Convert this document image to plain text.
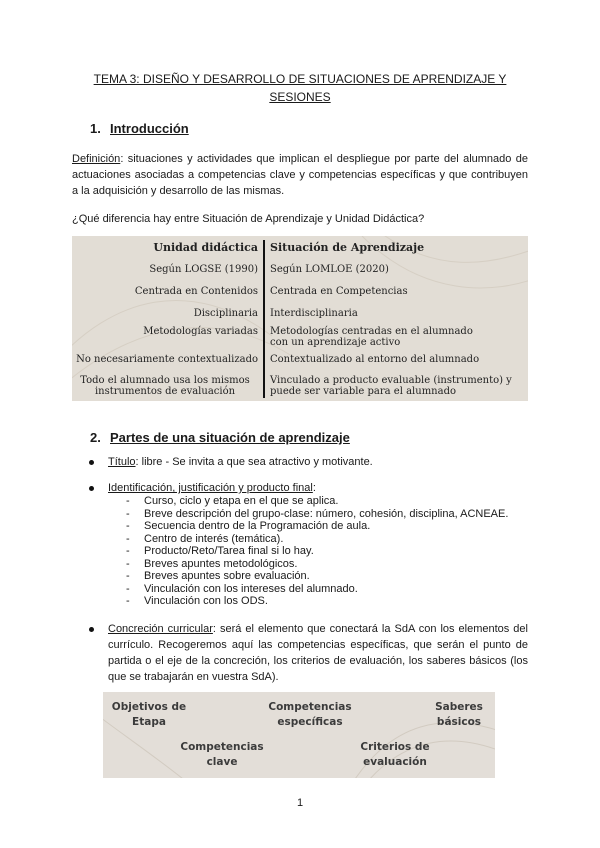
TEMA 3: DISEÑO Y DESARROLLO DE SITUACIONES DE APRENDIZAJE Y SESIONES
1. Introducción
Definición: situaciones y actividades que implican el despliegue por parte del alumnado de actuaciones asociadas a competencias clave y competencias específicas y que contribuyen a la adquisición y desarrollo de las mismas.
¿Qué diferencia hay entre Situación de Aprendizaje y Unidad Didáctica?
Unidad didáctica Situación de Aprendizaje
Según LOGSE (1990) Según LOMLOE (2020)
Centrada en Contenidos Centrada en Competencias
Disciplinaria Interdisciplinaria
Metodologías variadas Metodologías centradas en el alumnado con un aprendizaje activo
No necesariamente contextualizado Contextualizado al entorno del alumnado
Todo el alumnado usa los mismos instrumentos de evaluación
Vinculado a producto evaluable (instrumento) y puede ser variable para el alumnado
2. Partes de una situación de aprendizaje
Título: libre - Se invita a que sea atractivo y motivante.
Identificación, justificación y producto final:
- Curso, ciclo y etapa en el que se aplica.
- Breve descripción del grupo-clase: número, cohesión, disciplina, ACNEAE.
- Secuencia dentro de la Programación de aula.
- Centro de interés (temática).
- Producto/Reto/Tarea final si lo hay.
- Breves apuntes metodológicos.
- Breves apuntes sobre evaluación.
- Vinculación con los intereses del alumnado.
- Vinculación con los ODS.
Concreción curricular: será el elemento que conectará la SdA con los elementos del currículo. Recogeremos aquí las competencias específicas, que serán el punto de partida o el eje de la concreción, los criterios de evaluación, los saberes básicos (los que se trabajarán en vuestra SdA).
Objetivos de Etapa
Competencias específicas
Saberes básicos
Competencias clave
Criterios de evaluación
1
